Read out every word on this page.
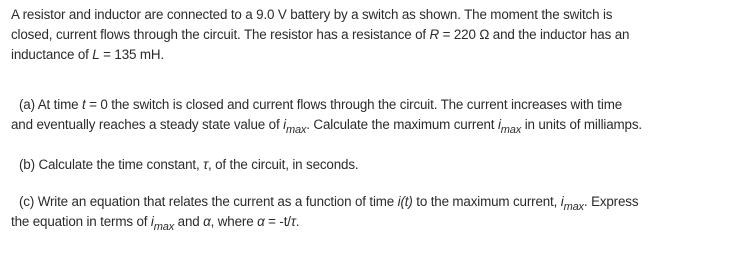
A resistor and inductor are connected to a 9.0 V battery by a switch as shown. The moment the switch is
closed, current flows through the circuit. The resistor has a resistance of R = 220 Ω and the inductor has an
inductance of L = 135 mH.
(a) At time t = 0 the switch is closed and current flows through the circuit. The current increases with time
and eventually reaches a steady state value of $i_{max}$. Calculate the maximum current $i_{max}$ in units of milliamps.
(b) Calculate the time constant, τ, of the circuit, in seconds.
(c) Write an equation that relates the current as a function of time i(t) to the maximum current, $i_{max}$. Express
the equation in terms of $i_{max}$ and α, where α = -t/τ.
